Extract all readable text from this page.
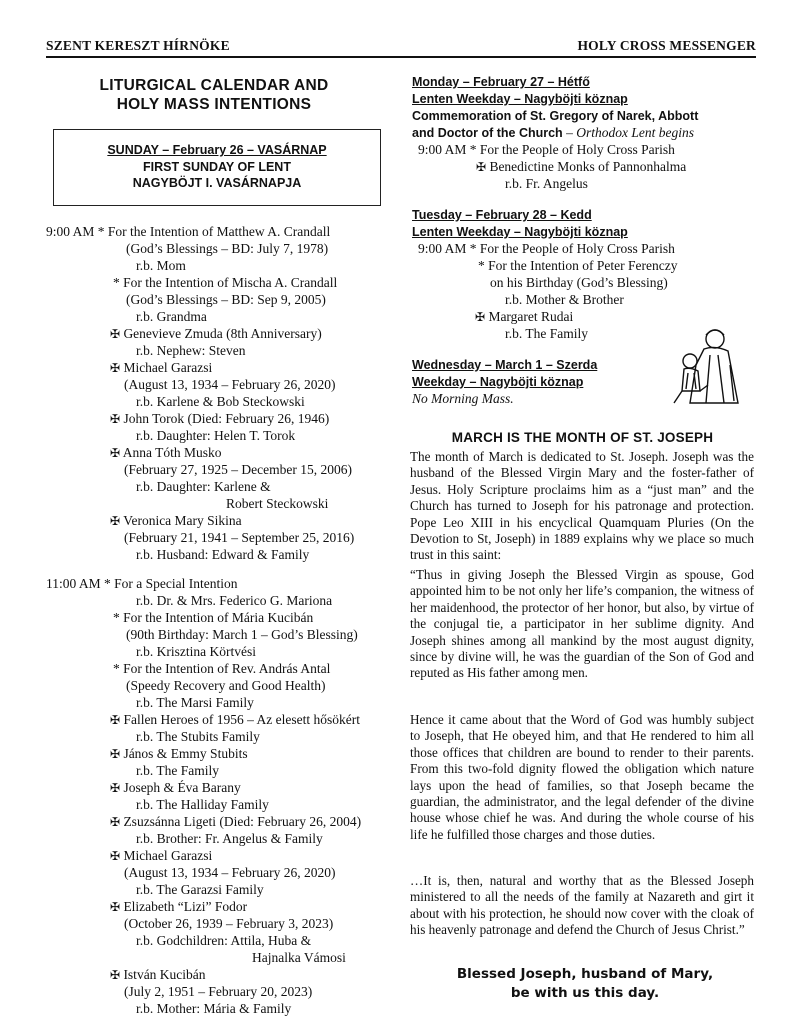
SZENT KERESZT HÍRNÖKE	HOLY CROSS MESSENGER
LITURGICAL CALENDAR AND
HOLY MASS INTENTIONS
SUNDAY – February 26 – VASÁRNAP
FIRST SUNDAY OF LENT
NAGYBÖJT I. VASÁRNAPJA
9:00 AM * For the Intention of Matthew A. Crandall
(God’s Blessings – BD: July 7, 1978)
r.b. Mom
* For the Intention of Mischa A. Crandall
(God’s Blessings – BD: Sep 9, 2005)
r.b. Grandma
✠ Genevieve Zmuda (8th Anniversary)
r.b. Nephew: Steven
✠ Michael Garazsi
(August 13, 1934 – February 26, 2020)
r.b. Karlene & Bob Steckowski
✠ John Torok (Died: February 26, 1946)
r.b. Daughter: Helen T. Torok
✠ Anna Tóth Musko
(February 27, 1925 – December 15, 2006)
r.b. Daughter: Karlene &
Robert Steckowski
✠ Veronica Mary Sikina
(February 21, 1941 – September 25, 2016)
r.b. Husband: Edward & Family
11:00 AM * For a Special Intention
r.b. Dr. & Mrs. Federico G. Mariona
* For the Intention of Mária Kucibán
(90th Birthday: March 1 – God’s Blessing)
r.b. Krisztina Körtvési
* For the Intention of Rev. András Antal
(Speedy Recovery and Good Health)
r.b. The Marsi Family
✠ Fallen Heroes of 1956 – Az elesett hősökért
r.b. The Stubits Family
✠ János & Emmy Stubits
r.b. The Family
✠ Joseph & Éva Barany
r.b. The Halliday Family
✠ Zsuzsánna Ligeti (Died: February 26, 2004)
r.b. Brother: Fr. Angelus & Family
✠ Michael Garazsi
(August 13, 1934 – February 26, 2020)
r.b. The Garazsi Family
✠ Elizabeth “Lizi” Fodor
(October 26, 1939 – February 3, 2023)
r.b. Godchildren: Attila, Huba &
Hajnalka Vámosi
✠ István Kucibán
(July 2, 1951 – February 20, 2023)
r.b. Mother: Mária & Family
Monday – February 27 – Hétfő
Lenten Weekday – Nagyböjti köznap
Commemoration of St. Gregory of Narek, Abbott
and Doctor of the Church – Orthodox Lent begins
9:00 AM * For the People of Holy Cross Parish
✠ Benedictine Monks of Pannonhalma
r.b. Fr. Angelus
Tuesday – February 28 – Kedd
Lenten Weekday – Nagyböjti köznap
9:00 AM * For the People of Holy Cross Parish
* For the Intention of Peter Ferenczy
on his Birthday (God’s Blessing)
r.b. Mother & Brother
✠ Margaret Rudai
r.b. The Family
Wednesday – March 1 – Szerda
Weekday – Nagyböjti köznap
No Morning Mass.
MARCH IS THE MONTH OF ST. JOSEPH
The month of March is dedicated to St. Joseph. Joseph was the husband of the Blessed Virgin Mary and the foster-father of Jesus. Holy Scripture proclaims him as a “just man” and the Church has turned to Joseph for his patronage and protection. Pope Leo XIII in his encyclical Quamquam Pluries (On the Devotion to St, Joseph) in 1889 explains why we place so much trust in this saint:
“Thus in giving Joseph the Blessed Virgin as spouse, God appointed him to be not only her life’s companion, the witness of her maidenhood, the protector of her honor, but also, by virtue of the conjugal tie, a participator in her sublime dignity. And Joseph shines among all mankind by the most august dignity, since by divine will, he was the guardian of the Son of God and reputed as His father among men.
Hence it came about that the Word of God was humbly subject to Joseph, that He obeyed him, and that He rendered to him all those offices that children are bound to render to their parents. From this two-fold dignity flowed the obligation which nature lays upon the head of families, so that Joseph became the guardian, the administrator, and the legal defender of the divine house whose chief he was. And during the whole course of his life he fulfilled those charges and those duties.
…It is, then, natural and worthy that as the Blessed Joseph ministered to all the needs of the family at Nazareth and girt it about with his protection, he should now cover with the cloak of his heavenly patronage and defend the Church of Jesus Christ.”
Blessed Joseph, husband of Mary,
be with us this day.
